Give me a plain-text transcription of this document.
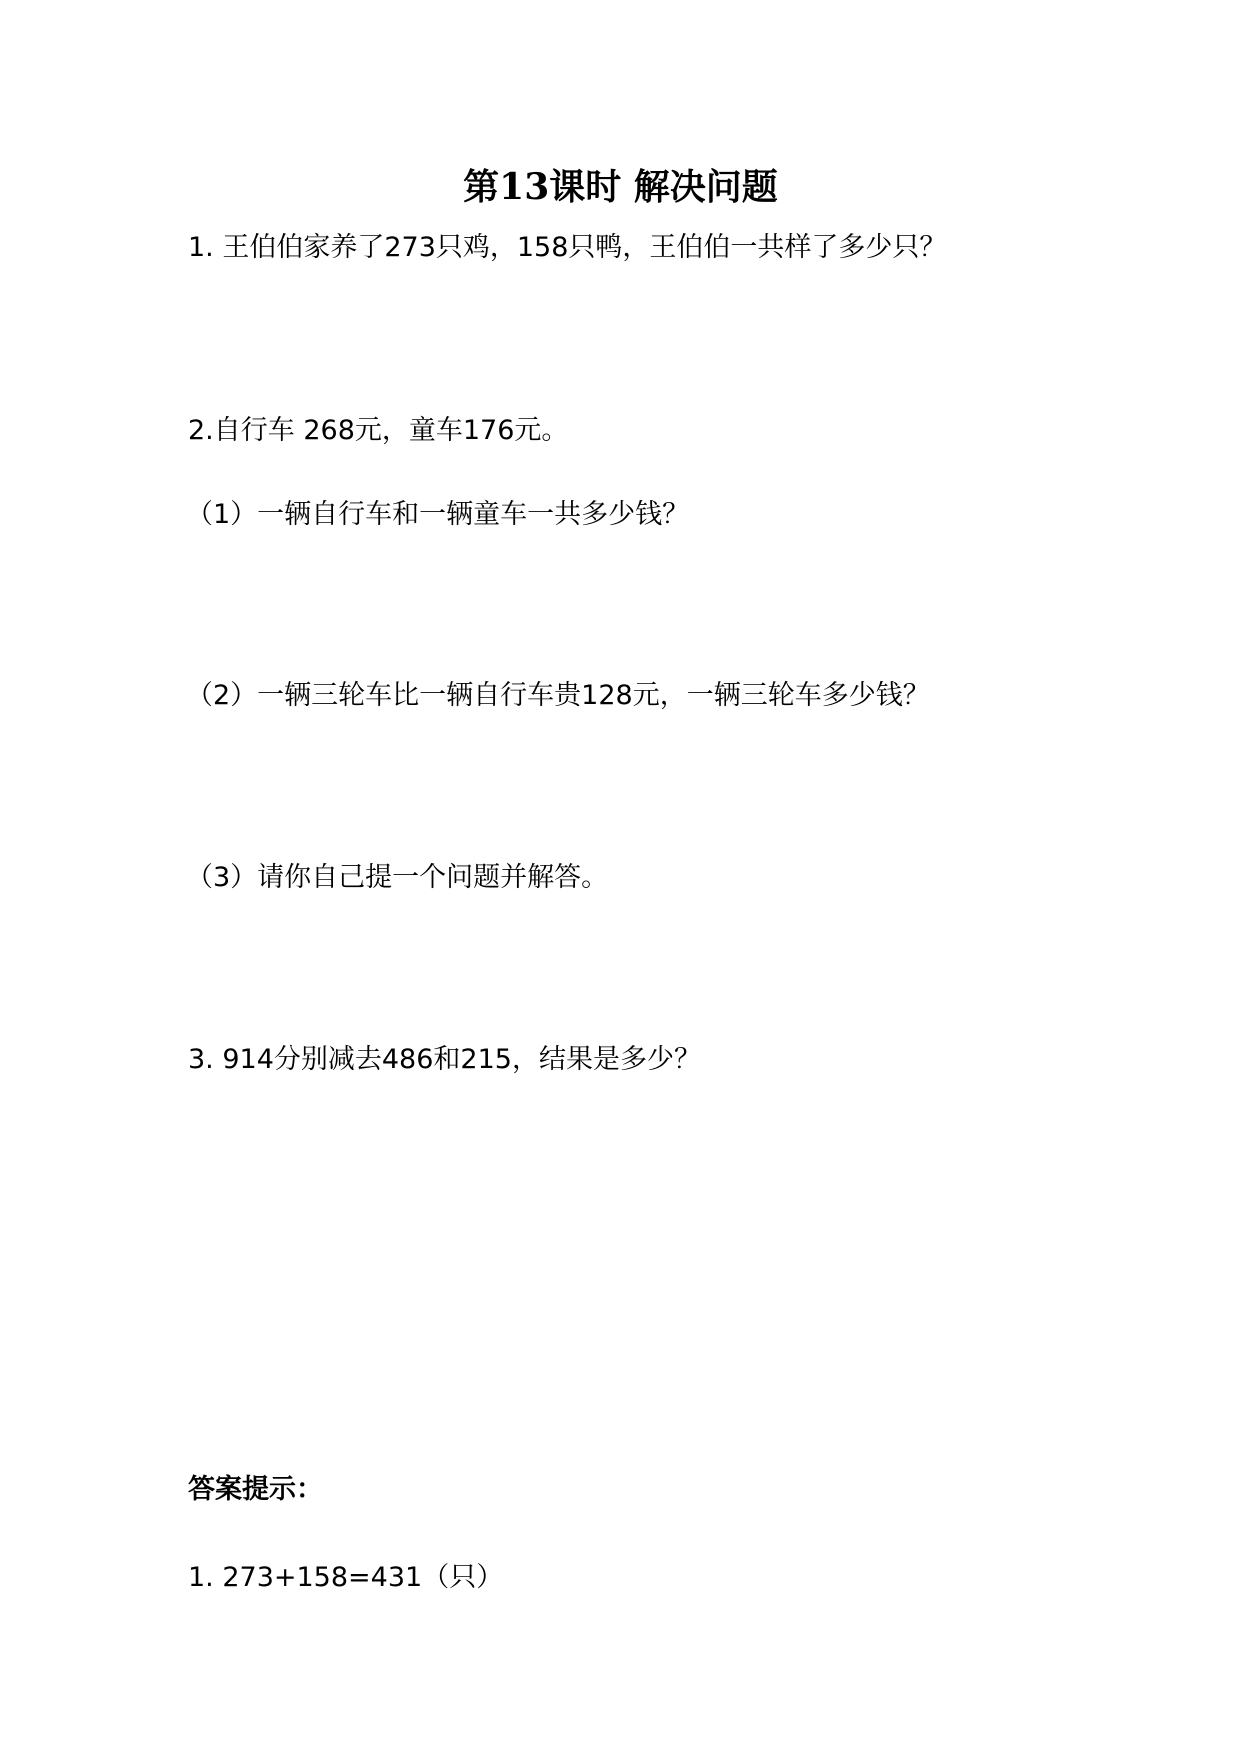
第13课时 解决问题
1. 王伯伯家养了273只鸡，158只鸭，王伯伯一共样了多少只？
2.自行车 268元，童车176元。
（1）一辆自行车和一辆童车一共多少钱？
（2）一辆三轮车比一辆自行车贵128元，一辆三轮车多少钱？
（3）请你自己提一个问题并解答。
3. 914分别减去486和215，结果是多少？
答案提示：
1. 273+158=431（只）
